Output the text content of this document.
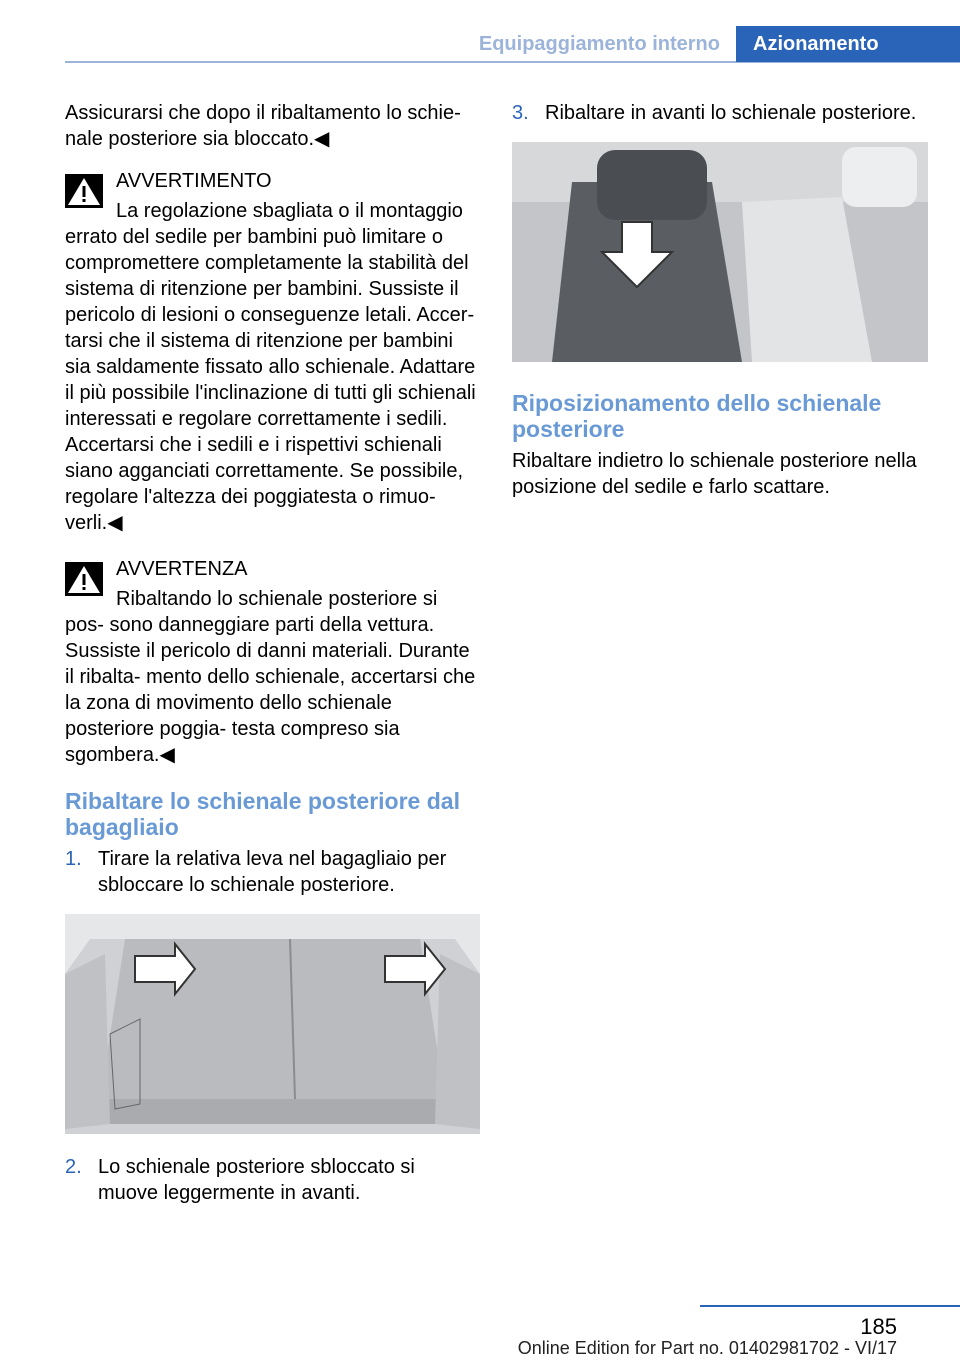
Equipaggiamento interno	Azionamento

Assicurarsi che dopo il ribaltamento lo schie‐ nale posteriore sia bloccato.◀

AVVERTIMENTO

La regolazione sbagliata o il montaggio errato del sedile per bambini può limitare o compromettere completamente la stabilità del sistema di ritenzione per bambini. Sussiste il pericolo di lesioni o conseguenze letali. Accer‐ tarsi che il sistema di ritenzione per bambini sia saldamente fissato allo schienale. Adattare il più possibile l'inclinazione di tutti gli schienali interessati e regolare correttamente i sedili. Accertarsi che i sedili e i rispettivi schienali siano agganciati correttamente. Se possibile, regolare l'altezza dei poggiatesta o rimuo‐ verli.◀

AVVERTENZA

Ribaltando lo schienale posteriore si pos‐ sono danneggiare parti della vettura. Sussiste il pericolo di danni materiali. Durante il ribalta‐ mento dello schienale, accertarsi che la zona di movimento dello schienale posteriore poggia‐ testa compreso sia sgombera.◀

Ribaltare lo schienale posteriore dal bagagliaio
1. Tirare la relativa leva nel bagagliaio per sbloccare lo schienale posteriore.
2. Lo schienale posteriore sbloccato si muove leggermente in avanti.
3. Ribaltare in avanti lo schienale posteriore.
Riposizionamento dello schienale posteriore

Ribaltare indietro lo schienale posteriore nella posizione del sedile e farlo scattare.

185
Online Edition for Part no. 01402981702 - VI/17
